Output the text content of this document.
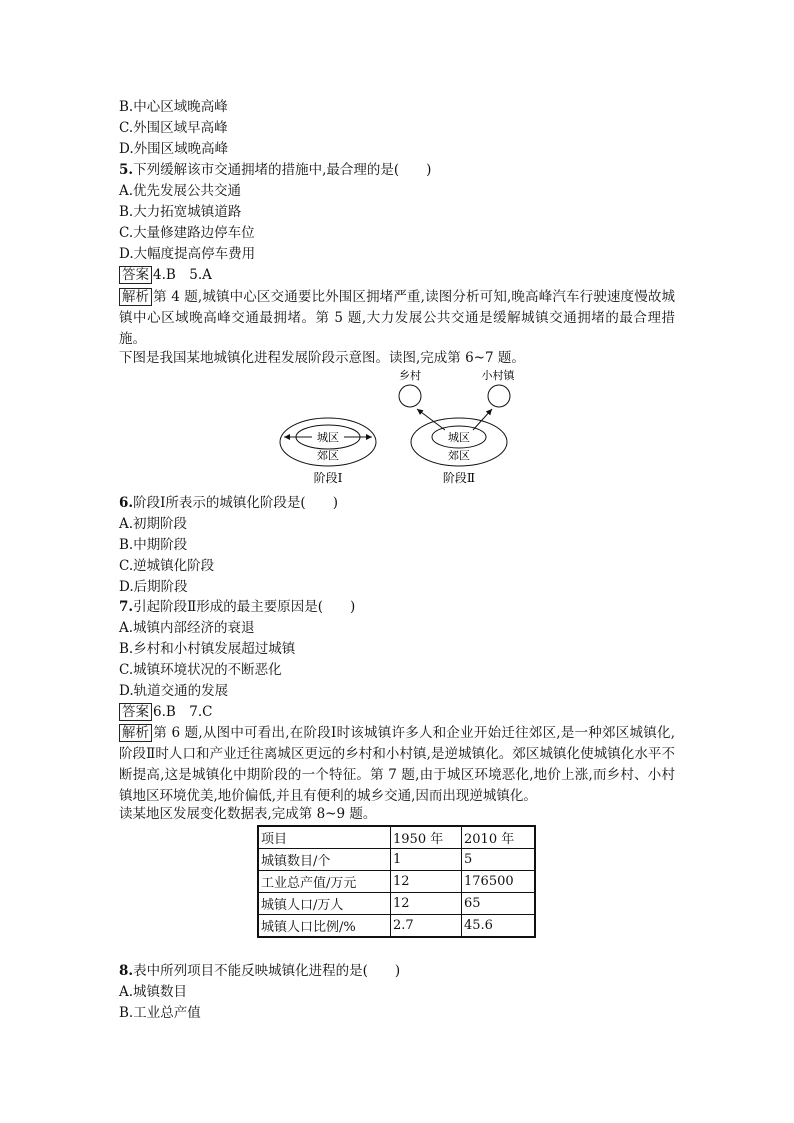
B.中心区域晚高峰
C.外围区域早高峰
D.外围区域晚高峰
5.下列缓解该市交通拥堵的措施中,最合理的是(　　)
A.优先发展公共交通
B.大力拓宽城镇道路
C.大量修建路边停车位
D.大幅度提高停车费用
答案 4.B　5.A
解析 第 4 题,城镇中心区交通要比外围区拥堵严重,读图分析可知,晚高峰汽车行驶速度慢故城镇中心区域晚高峰交通最拥堵。第 5 题,大力发展公共交通是缓解城镇交通拥堵的最合理措施。
下图是我国某地城镇化进程发展阶段示意图。读图,完成第 6~7 题。
城区
郊区
阶段Ⅰ
乡村	小村镇
城区
郊区
阶段Ⅱ
6.阶段Ⅰ所表示的城镇化阶段是(　　)
A.初期阶段
B.中期阶段
C.逆城镇化阶段
D.后期阶段
7.引起阶段Ⅱ形成的最主要原因是(　　)
A.城镇内部经济的衰退
B.乡村和小村镇发展超过城镇
C.城镇环境状况的不断恶化
D.轨道交通的发展
答案 6.B　7.C
解析 第 6 题,从图中可看出,在阶段Ⅰ时该城镇许多人和企业开始迁往郊区,是一种郊区城镇化,阶段Ⅱ时人口和产业迁往离城区更远的乡村和小村镇,是逆城镇化。郊区城镇化使城镇化水平不断提高,这是城镇化中期阶段的一个特征。第 7 题,由于城区环境恶化,地价上涨,而乡村、小村镇地区环境优美,地价偏低,并且有便利的城乡交通,因而出现逆城镇化。
读某地区发展变化数据表,完成第 8~9 题。
项目	1950 年	2010 年
城镇数目/个	1	5
工业总产值/万元	12	176500
城镇人口/万人	12	65
城镇人口比例/%	2.7	45.6
8.表中所列项目不能反映城镇化进程的是(　　)
A.城镇数目
B.工业总产值
